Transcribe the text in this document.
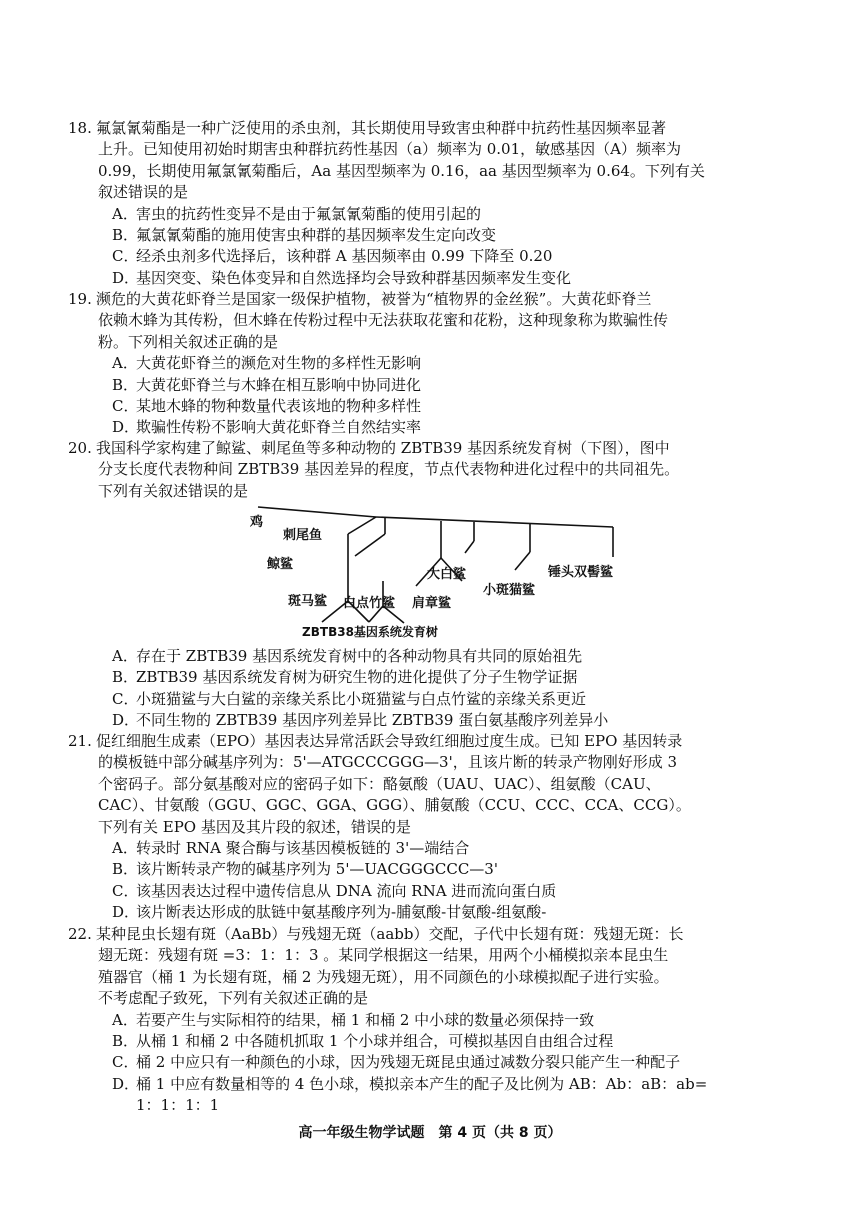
18. 氟氯氰菊酯是一种广泛使用的杀虫剂，其长期使用导致害虫种群中抗药性基因频率显著
上升。已知使用初始时期害虫种群抗药性基因（a）频率为 0.01，敏感基因（A）频率为
0.99，长期使用氟氯氰菊酯后，Aa 基因型频率为 0.16，aa 基因型频率为 0.64。下列有关
叙述错误的是

A．害虫的抗药性变异不是由于氟氯氰菊酯的使用引起的

B．氟氯氰菊酯的施用使害虫种群的基因频率发生定向改变

C．经杀虫剂多代选择后，该种群 A 基因频率由 0.99 下降至 0.20

D．基因突变、染色体变异和自然选择均会导致种群基因频率发生变化

19. 濒危的大黄花虾脊兰是国家一级保护植物，被誉为“植物界的金丝猴”。大黄花虾脊兰
依赖木蜂为其传粉，但木蜂在传粉过程中无法获取花蜜和花粉，这种现象称为欺骗性传
粉。下列相关叙述正确的是

A．大黄花虾脊兰的濒危对生物的多样性无影响

B．大黄花虾脊兰与木蜂在相互影响中协同进化

C．某地木蜂的物种数量代表该地的物种多样性

D．欺骗性传粉不影响大黄花虾脊兰自然结实率

20. 我国科学家构建了鲸鲨、刺尾鱼等多种动物的 ZBTB39 基因系统发育树（下图），图中
分支长度代表物种间 ZBTB39 基因差异的程度，节点代表物种进化过程中的共同祖先。
下列有关叙述错误的是

鸡
刺尾鱼
鲸鲨
斑马鲨 白点竹鲨 肩章鲨
大白鲨
小斑猫鲨
锤头双髻鲨
ZBTB38基因系统发育树

A．存在于 ZBTB39 基因系统发育树中的各种动物具有共同的原始祖先

B．ZBTB39 基因系统发育树为研究生物的进化提供了分子生物学证据

C．小斑猫鲨与大白鲨的亲缘关系比小斑猫鲨与白点竹鲨的亲缘关系更近

D．不同生物的 ZBTB39 基因序列差异比 ZBTB39 蛋白氨基酸序列差异小

21. 促红细胞生成素（EPO）基因表达异常活跃会导致红细胞过度生成。已知 EPO 基因转录
的模板链中部分碱基序列为：5'—ATGCCCGGG—3'，且该片断的转录产物刚好形成 3
个密码子。部分氨基酸对应的密码子如下：酪氨酸（UAU、UAC）、组氨酸（CAU、
CAC）、甘氨酸（GGU、GGC、GGA、GGG）、脯氨酸（CCU、CCC、CCA、CCG）。
下列有关 EPO 基因及其片段的叙述，错误的是

A．转录时 RNA 聚合酶与该基因模板链的 3'—端结合

B．该片断转录产物的碱基序列为 5'—UACGGGCCC—3'

C．该基因表达过程中遗传信息从 DNA 流向 RNA 进而流向蛋白质

D．该片断表达形成的肽链中氨基酸序列为-脯氨酸-甘氨酸-组氨酸-

22. 某种昆虫长翅有斑（AaBb）与残翅无斑（aabb）交配，子代中长翅有斑：残翅无斑：长
翅无斑：残翅有斑 =3：1：1：3 。某同学根据这一结果，用两个小桶模拟亲本昆虫生
殖器官（桶 1 为长翅有斑，桶 2 为残翅无斑），用不同颜色的小球模拟配子进行实验。
不考虑配子致死，下列有关叙述正确的是

A．若要产生与实际相符的结果，桶 1 和桶 2 中小球的数量必须保持一致

B．从桶 1 和桶 2 中各随机抓取 1 个小球并组合，可模拟基因自由组合过程

C．桶 2 中应只有一种颜色的小球，因为残翅无斑昆虫通过减数分裂只能产生一种配子

D．桶 1 中应有数量相等的 4 色小球，模拟亲本产生的配子及比例为 AB：Ab：aB：ab=
1：1：1：1

高一年级生物学试题　第 4 页（共 8 页）
